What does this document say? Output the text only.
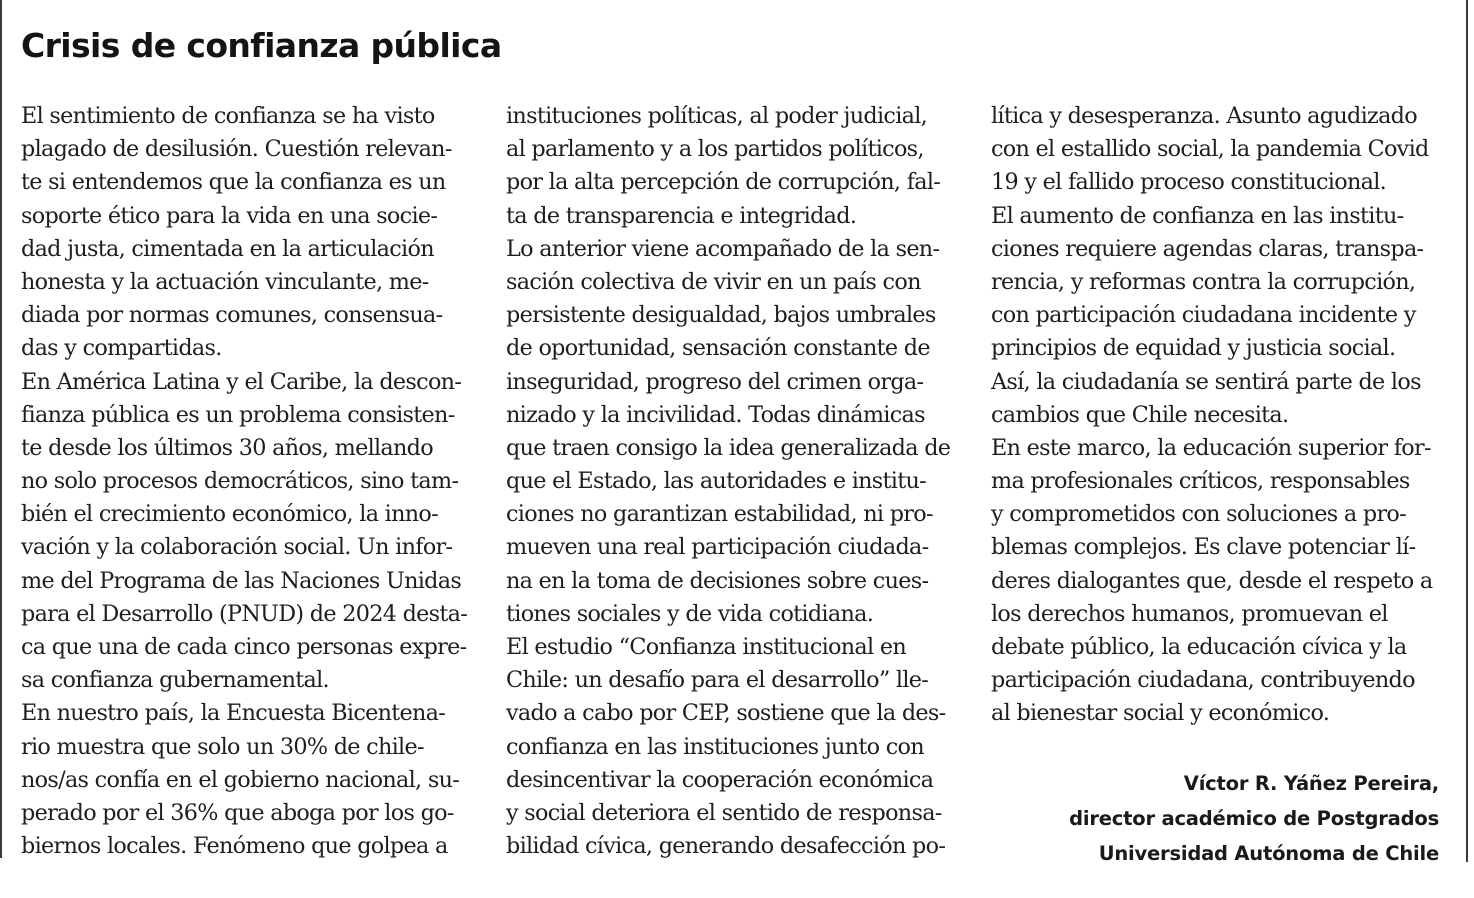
Crisis de confianza pública
El sentimiento de confianza se ha visto
plagado de desilusión. Cuestión relevan-
te si entendemos que la confianza es un
soporte ético para la vida en una socie-
dad justa, cimentada en la articulación
honesta y la actuación vinculante, me-
diada por normas comunes, consensua-
das y compartidas.
En América Latina y el Caribe, la descon-
fianza pública es un problema consisten-
te desde los últimos 30 años, mellando
no solo procesos democráticos, sino tam-
bién el crecimiento económico, la inno-
vación y la colaboración social. Un infor-
me del Programa de las Naciones Unidas
para el Desarrollo (PNUD) de 2024 desta-
ca que una de cada cinco personas expre-
sa confianza gubernamental.
En nuestro país, la Encuesta Bicentena-
rio muestra que solo un 30% de chile-
nos/as confía en el gobierno nacional, su-
perado por el 36% que aboga por los go-
biernos locales. Fenómeno que golpea a
instituciones políticas, al poder judicial,
al parlamento y a los partidos políticos,
por la alta percepción de corrupción, fal-
ta de transparencia e integridad.
Lo anterior viene acompañado de la sen-
sación colectiva de vivir en un país con
persistente desigualdad, bajos umbrales
de oportunidad, sensación constante de
inseguridad, progreso del crimen orga-
nizado y la incivilidad. Todas dinámicas
que traen consigo la idea generalizada de
que el Estado, las autoridades e institu-
ciones no garantizan estabilidad, ni pro-
mueven una real participación ciudada-
na en la toma de decisiones sobre cues-
tiones sociales y de vida cotidiana.
El estudio “Confianza institucional en
Chile: un desafío para el desarrollo” lle-
vado a cabo por CEP, sostiene que la des-
confianza en las instituciones junto con
desincentivar la cooperación económica
y social deteriora el sentido de responsa-
bilidad cívica, generando desafección po-
lítica y desesperanza. Asunto agudizado
con el estallido social, la pandemia Covid
19 y el fallido proceso constitucional.
El aumento de confianza en las institu-
ciones requiere agendas claras, transpa-
rencia, y reformas contra la corrupción,
con participación ciudadana incidente y
principios de equidad y justicia social.
Así, la ciudadanía se sentirá parte de los
cambios que Chile necesita.
En este marco, la educación superior for-
ma profesionales críticos, responsables
y comprometidos con soluciones a pro-
blemas complejos. Es clave potenciar lí-
deres dialogantes que, desde el respeto a
los derechos humanos, promuevan el
debate público, la educación cívica y la
participación ciudadana, contribuyendo
al bienestar social y económico.
Víctor R. Yáñez Pereira,
director académico de Postgrados
Universidad Autónoma de Chile
